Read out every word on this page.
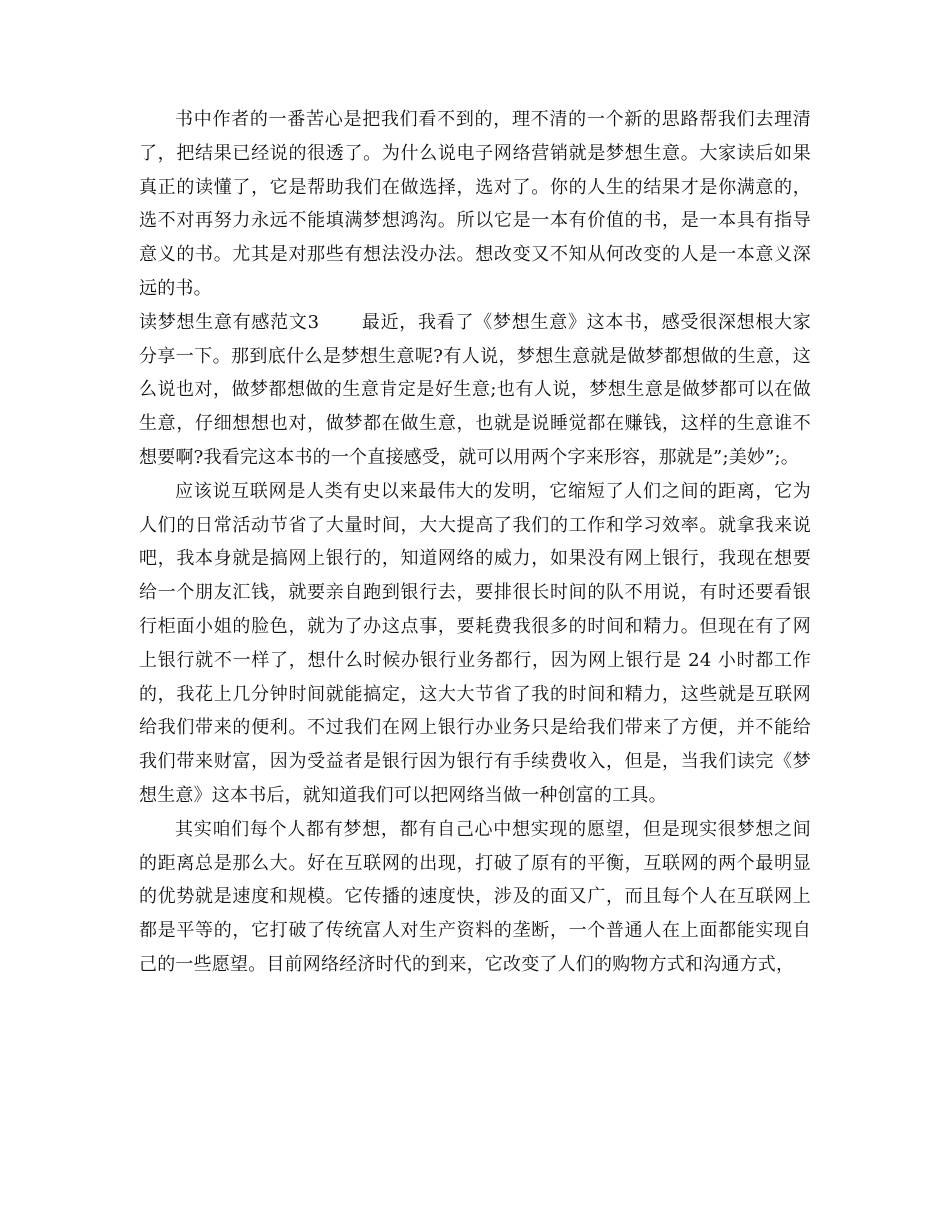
书中作者的一番苦心是把我们看不到的，理不清的一个新的思路帮我们去理清了，把结果已经说的很透了。为什么说电子网络营销就是梦想生意。大家读后如果真正的读懂了，它是帮助我们在做选择，选对了。你的人生的结果才是你满意的，选不对再努力永远不能填满梦想鸿沟。所以它是一本有价值的书，是一本具有指导意义的书。尤其是对那些有想法没办法。想改变又不知从何改变的人是一本意义深远的书。

读梦想生意有感范文3 最近，我看了《梦想生意》这本书，感受很深想根大家分享一下。那到底什么是梦想生意呢?有人说，梦想生意就是做梦都想做的生意，这么说也对，做梦都想做的生意肯定是好生意;也有人说，梦想生意是做梦都可以在做生意，仔细想想也对，做梦都在做生意，也就是说睡觉都在赚钱，这样的生意谁不想要啊?我看完这本书的一个直接感受，就可以用两个字来形容，那就是”;美妙”;。

应该说互联网是人类有史以来最伟大的发明，它缩短了人们之间的距离，它为人们的日常活动节省了大量时间，大大提高了我们的工作和学习效率。就拿我来说吧，我本身就是搞网上银行的，知道网络的威力，如果没有网上银行，我现在想要给一个朋友汇钱，就要亲自跑到银行去，要排很长时间的队不用说，有时还要看银行柜面小姐的脸色，就为了办这点事，要耗费我很多的时间和精力。但现在有了网上银行就不一样了，想什么时候办银行业务都行，因为网上银行是 24 小时都工作的，我花上几分钟时间就能搞定，这大大节省了我的时间和精力，这些就是互联网给我们带来的便利。不过我们在网上银行办业务只是给我们带来了方便，并不能给我们带来财富，因为受益者是银行因为银行有手续费收入，但是，当我们读完《梦想生意》这本书后，就知道我们可以把网络当做一种创富的工具。

其实咱们每个人都有梦想，都有自己心中想实现的愿望，但是现实很梦想之间的距离总是那么大。好在互联网的出现，打破了原有的平衡，互联网的两个最明显的优势就是速度和规模。它传播的速度快，涉及的面又广，而且每个人在互联网上都是平等的，它打破了传统富人对生产资料的垄断，一个普通人在上面都能实现自己的一些愿望。目前网络经济时代的到来，它改变了人们的购物方式和沟通方式，
